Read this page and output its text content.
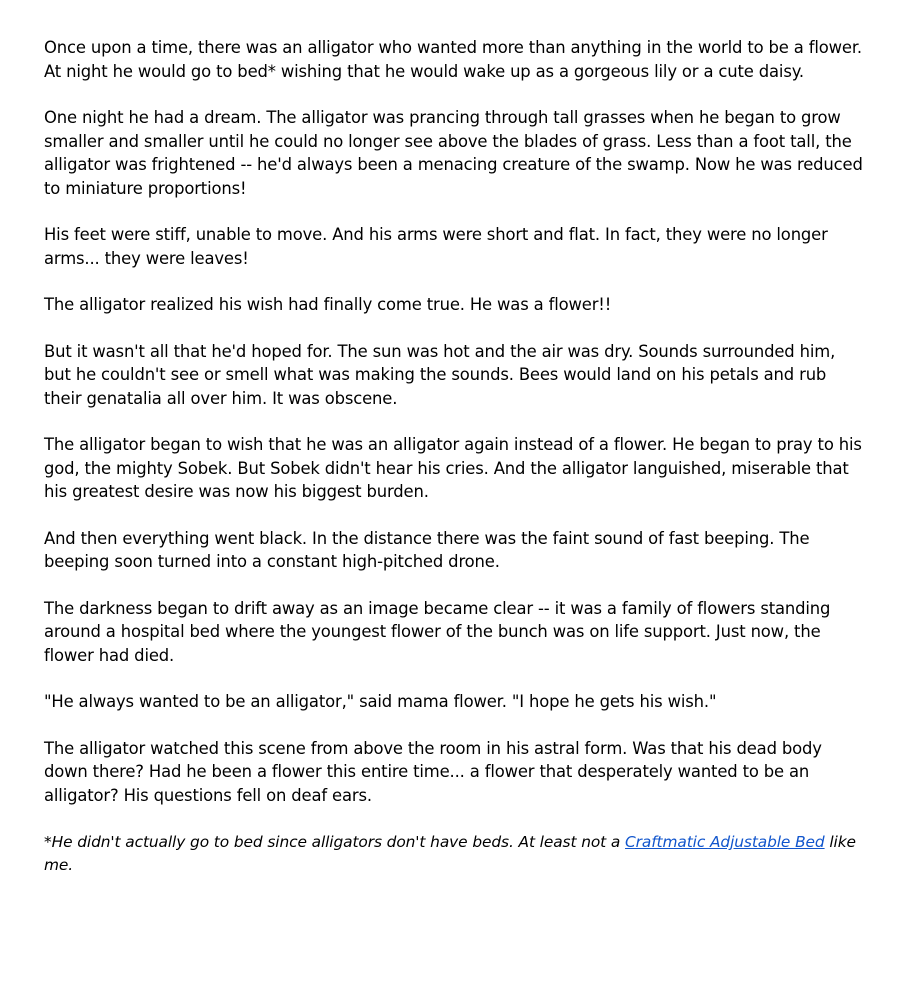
Once upon a time, there was an alligator who wanted more than anything in the world to be a flower. At night he would go to bed* wishing that he would wake up as a gorgeous lily or a cute daisy.

One night he had a dream. The alligator was prancing through tall grasses when he began to grow smaller and smaller until he could no longer see above the blades of grass. Less than a foot tall, the alligator was frightened -- he'd always been a menacing creature of the swamp. Now he was reduced to miniature proportions!

His feet were stiff, unable to move. And his arms were short and flat. In fact, they were no longer arms... they were leaves!

The alligator realized his wish had finally come true. He was a flower!!

But it wasn't all that he'd hoped for. The sun was hot and the air was dry. Sounds surrounded him, but he couldn't see or smell what was making the sounds. Bees would land on his petals and rub their genatalia all over him. It was obscene.

The alligator began to wish that he was an alligator again instead of a flower. He began to pray to his god, the mighty Sobek. But Sobek didn't hear his cries. And the alligator languished, miserable that his greatest desire was now his biggest burden.

And then everything went black. In the distance there was the faint sound of fast beeping. The beeping soon turned into a constant high-pitched drone.

The darkness began to drift away as an image became clear -- it was a family of flowers standing around a hospital bed where the youngest flower of the bunch was on life support. Just now, the flower had died.

"He always wanted to be an alligator," said mama flower. "I hope he gets his wish."

The alligator watched this scene from above the room in his astral form. Was that his dead body down there? Had he been a flower this entire time... a flower that desperately wanted to be an alligator? His questions fell on deaf ears.

*He didn't actually go to bed since alligators don't have beds. At least not a Craftmatic Adjustable Bed like me.
